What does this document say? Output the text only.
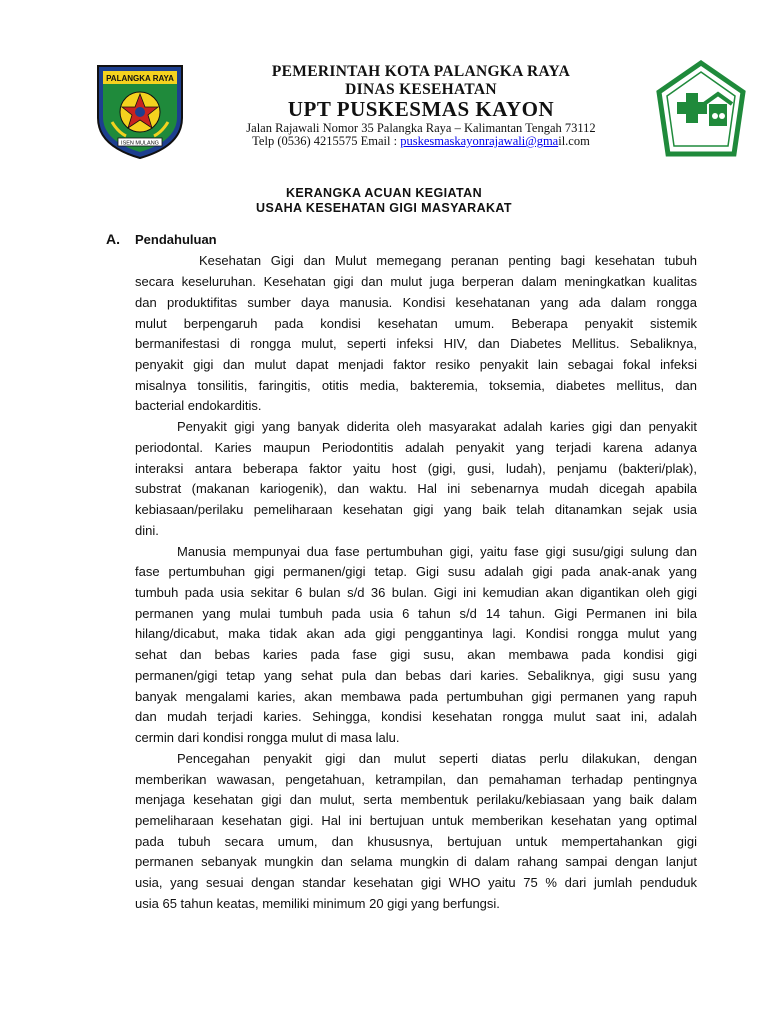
PALANGKA RAYA
ISEN MULANG
PEMERINTAH KOTA PALANGKA RAYA
DINAS KESEHATAN
UPT PUSKESMAS KAYON
Jalan Rajawali Nomor 35 Palangka Raya – Kalimantan Tengah 73112
Telp (0536) 4215575 Email : puskesmaskayonrajawali@gmail.com
KERANGKA ACUAN KEGIATAN
USAHA KESEHATAN GIGI MASYARAKAT
A. Pendahuluan
Kesehatan Gigi dan Mulut memegang peranan penting bagi kesehatan tubuh
secara keseluruhan. Kesehatan gigi dan mulut juga berperan dalam meningkatkan kualitas
dan produktifitas sumber daya manusia. Kondisi kesehatanan yang ada dalam rongga
mulut berpengaruh pada kondisi kesehatan umum. Beberapa penyakit sistemik
bermanifestasi di rongga mulut, seperti infeksi HIV, dan Diabetes Mellitus. Sebaliknya,
penyakit gigi dan mulut dapat menjadi faktor resiko penyakit lain sebagai fokal infeksi
misalnya tonsilitis, faringitis, otitis media, bakteremia, toksemia, diabetes mellitus, dan
bacterial endokarditis.
Penyakit gigi yang banyak diderita oleh masyarakat adalah karies gigi dan penyakit
periodontal. Karies maupun Periodontitis adalah penyakit yang terjadi karena adanya
interaksi antara beberapa faktor yaitu host (gigi, gusi, ludah), penjamu (bakteri/plak),
substrat (makanan kariogenik), dan waktu. Hal ini sebenarnya mudah dicegah apabila
kebiasaan/perilaku pemeliharaan kesehatan gigi yang baik telah ditanamkan sejak usia
dini.
Manusia mempunyai dua fase pertumbuhan gigi, yaitu fase gigi susu/gigi sulung dan
fase pertumbuhan gigi permanen/gigi tetap. Gigi susu adalah gigi pada anak-anak yang
tumbuh pada usia sekitar 6 bulan s/d 36 bulan. Gigi ini kemudian akan digantikan oleh gigi
permanen yang mulai tumbuh pada usia 6 tahun s/d 14 tahun. Gigi Permanen ini bila
hilang/dicabut, maka tidak akan ada gigi penggantinya lagi. Kondisi rongga mulut yang
sehat dan bebas karies pada fase gigi susu, akan membawa pada kondisi gigi
permanen/gigi tetap yang sehat pula dan bebas dari karies. Sebaliknya, gigi susu yang
banyak mengalami karies, akan membawa pada pertumbuhan gigi permanen yang rapuh
dan mudah terjadi karies. Sehingga, kondisi kesehatan rongga mulut saat ini, adalah
cermin dari kondisi rongga mulut di masa lalu.
Pencegahan penyakit gigi dan mulut seperti diatas perlu dilakukan, dengan
memberikan wawasan, pengetahuan, ketrampilan, dan pemahaman terhadap pentingnya
menjaga kesehatan gigi dan mulut, serta membentuk perilaku/kebiasaan yang baik dalam
pemeliharaan kesehatan gigi. Hal ini bertujuan untuk memberikan kesehatan yang optimal
pada tubuh secara umum, dan khususnya, bertujuan untuk mempertahankan gigi
permanen sebanyak mungkin dan selama mungkin di dalam rahang sampai dengan lanjut
usia, yang sesuai dengan standar kesehatan gigi WHO yaitu 75 % dari jumlah penduduk
usia 65 tahun keatas, memiliki minimum 20 gigi yang berfungsi.
